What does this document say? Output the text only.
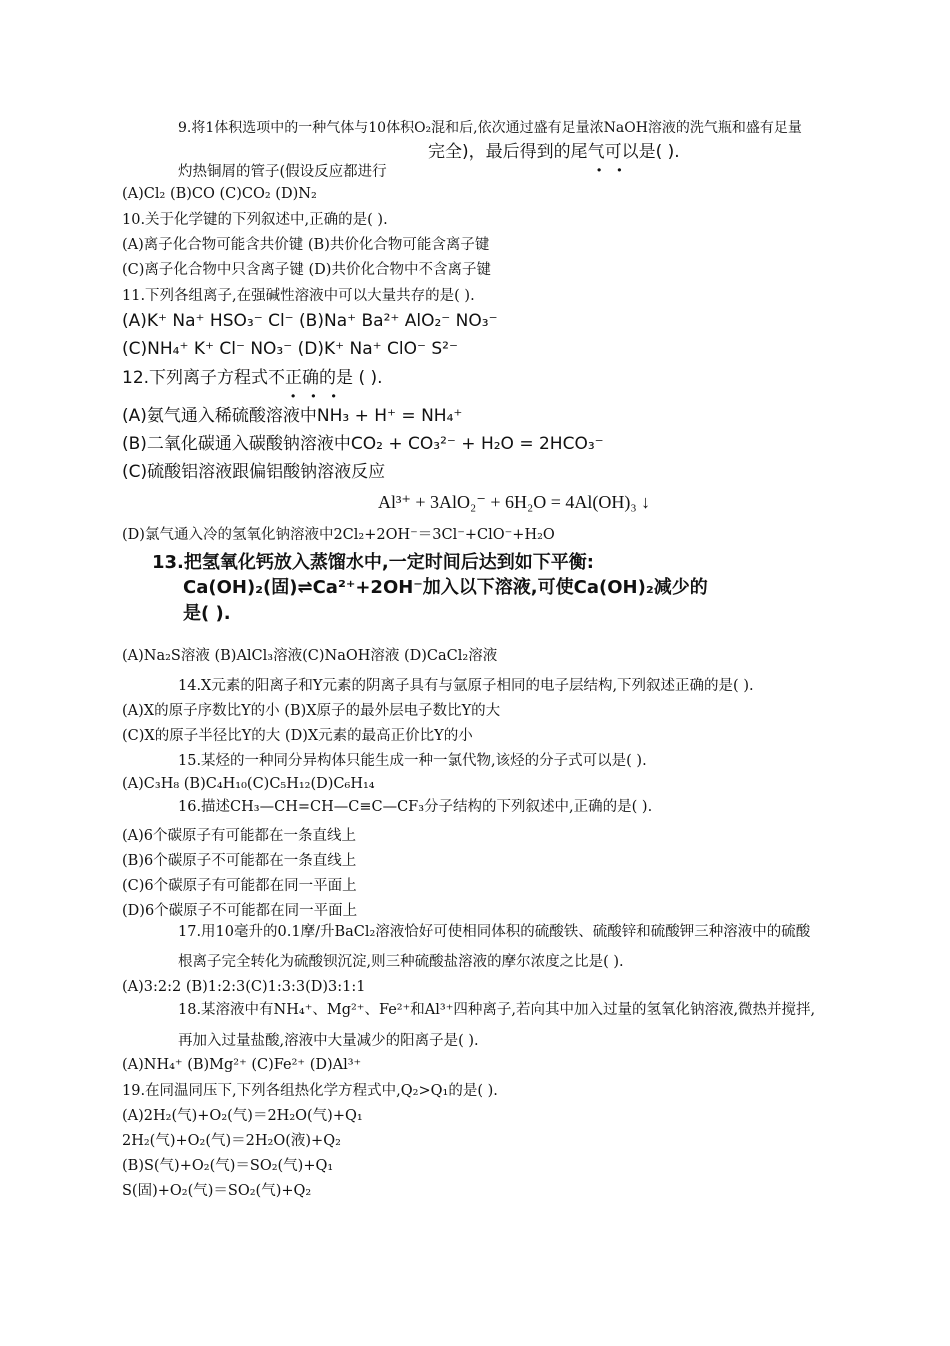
9.将1体积选项中的一种气体与10体积O₂混和后,依次通过盛有足量浓NaOH溶液的洗气瓶和盛有足量
完全)，最后得到的尾气可以是( ).
··
灼热铜屑的管子(假设反应都进行
(A)Cl₂ (B)CO (C)CO₂ (D)N₂
10.关于化学键的下列叙述中,正确的是( ).
(A)离子化合物可能含共价键 (B)共价化合物可能含离子键
(C)离子化合物中只含离子键 (D)共价化合物中不含离子键
11.下列各组离子,在强碱性溶液中可以大量共存的是( ).
(A)K⁺ Na⁺ HSO₃⁻ Cl⁻ (B)Na⁺ Ba²⁺ AlO₂⁻ NO₃⁻
(C)NH₄⁺ K⁺ Cl⁻ NO₃⁻ (D)K⁺ Na⁺ ClO⁻ S²⁻
12.下列离子方程式不正确的是 ( ).
···
(A)氨气通入稀硫酸溶液中NH₃ + H⁺ = NH₄⁺
(B)二氧化碳通入碳酸钠溶液中CO₂ + CO₃²⁻ + H₂O = 2HCO₃⁻
(C)硫酸铝溶液跟偏铝酸钠溶液反应
Al³⁺ + 3AlO₂⁻ + 6H₂O = 4Al(OH)₃ ↓
(D)氯气通入冷的氢氧化钠溶液中2Cl₂+2OH⁻＝3Cl⁻+ClO⁻+H₂O
13.把氢氧化钙放入蒸馏水中,一定时间后达到如下平衡:
Ca(OH)₂(固)⇌Ca²⁺+2OH⁻加入以下溶液,可使Ca(OH)₂减少的
是( ).
(A)Na₂S溶液 (B)AlCl₃溶液(C)NaOH溶液 (D)CaCl₂溶液
14.X元素的阳离子和Y元素的阴离子具有与氩原子相同的电子层结构,下列叙述正确的是( ).
(A)X的原子序数比Y的小 (B)X原子的最外层电子数比Y的大
(C)X的原子半径比Y的大 (D)X元素的最高正价比Y的小
15.某烃的一种同分异构体只能生成一种一氯代物,该烃的分子式可以是( ).
(A)C₃H₈ (B)C₄H₁₀(C)C₅H₁₂(D)C₆H₁₄
16.描述CH₃—CH=CH—C≡C—CF₃分子结构的下列叙述中,正确的是( ).
(A)6个碳原子有可能都在一条直线上
(B)6个碳原子不可能都在一条直线上
(C)6个碳原子有可能都在同一平面上
(D)6个碳原子不可能都在同一平面上
17.用10毫升的0.1摩/升BaCl₂溶液恰好可使相同体积的硫酸铁、硫酸锌和硫酸钾三种溶液中的硫酸
根离子完全转化为硫酸钡沉淀,则三种硫酸盐溶液的摩尔浓度之比是( ).
(A)3:2:2 (B)1:2:3(C)1:3:3(D)3:1:1
18.某溶液中有NH₄⁺、Mg²⁺、Fe²⁺和Al³⁺四种离子,若向其中加入过量的氢氧化钠溶液,微热并搅拌,
再加入过量盐酸,溶液中大量减少的阳离子是( ).
(A)NH₄⁺ (B)Mg²⁺ (C)Fe²⁺ (D)Al³⁺
19.在同温同压下,下列各组热化学方程式中,Q₂>Q₁的是( ).
(A)2H₂(气)+O₂(气)＝2H₂O(气)+Q₁
2H₂(气)+O₂(气)＝2H₂O(液)+Q₂
(B)S(气)+O₂(气)＝SO₂(气)+Q₁
S(固)+O₂(气)＝SO₂(气)+Q₂
